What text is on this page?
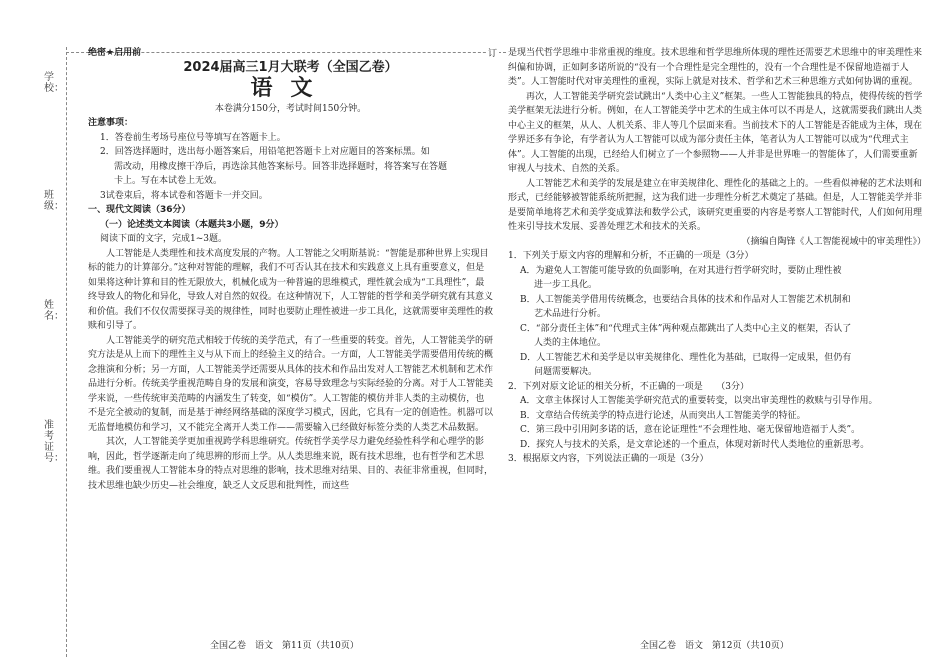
学校：
班级：
姓名：
准考证号：
订

绝密★启用前

2024届高三1月大联考（全国乙卷）
语文

本卷满分150分，考试时间150分钟。

注意事项：

1．答卷前生考场号座位号等填写在答题卡上。

2．回答选择题时，选出每小题答案后，用铅笔把答题卡上对应题目的答案标黑。如

需改动，用橡皮擦干净后，再选涂其他答案标号。回答非选择题时，将答案写在答题

卡上。写在本试卷上无效。

3试卷束后，将本试卷和答题卡一并交回。

一、现代文阅读（36分）

（一）论述类文本阅读（本题共3小题，9分）

阅读下面的文字，完成1~3题。

人工智能是人类理性和技术高度发展的产物。人工智能之父明斯基说：“智能是那种世界上实现目标的能力的计算部分。”这种对智能的理解，我们不可否认其在技术和实践意义上具有重要意义，但是如果将这种计算和目的性无限放大，机械化成为一种普遍的思维模式，理性就会成为“工具理性”，最终导致人的物化和异化，导致人对自然的奴役。在这种情况下，人工智能的哲学和美学研究就有其意义和价值。我们不仅仅需要探寻美的规律性，同时也要防止理性被进一步工具化，这就需要审美理性的救赎和引导了。

人工智能美学的研究范式相较于传统的美学范式，有了一些重要的转变。首先，人工智能美学的研究方法是从上而下的理性主义与从下而上的经验主义的结合。一方面，人工智能美学需要借用传统的概念推演和分析；另一方面，人工智能美学还需要从具体的技术和作品出发对人工智能艺术机制和艺术作品进行分析。传统美学重视范畴自身的发展和演变，容易导致理念与实际经验的分离。对于人工智能美学来说，一些传统审美范畴的内涵发生了转变，如“模仿”。人工智能的模仿并非人类的主动模仿，也不是完全被动的复制，而是基于神经网络基础的深度学习模式，因此，它具有一定的创造性。机器可以无监督地模仿和学习，又不能完全离开人类工作——需要输入已经做好标签分类的人类艺术品数据。

其次，人工智能美学更加重视跨学科思维研究。传统哲学美学尽力避免经验性科学和心理学的影响，因此，哲学逐渐走向了纯思辨的形而上学。从人类思维来说，既有技术思维，也有哲学和艺术思维。我们要重视人工智能本身的特点对思维的影响，技术思维对结果、目的、表征非常重视，但同时，技术思维也缺少历史—社会维度，缺乏人文反思和批判性，而这些

全国乙卷　语文　第11页（共10页）

是现当代哲学思维中非常重视的维度。技术思维和哲学思维所体现的理性还需要艺术思维中的审美理性来纠偏和协调，正如阿多诺所说的“没有一个合理性是完全理性的，没有一个合理性是不保留地造福于人类”。人工智能时代对审美理性的重视，实际上就是对技术、哲学和艺术三种思维方式如何协调的重视。

再次，人工智能美学研究尝试跳出“人类中心主义”框架。一些人工智能独具的特点，使得传统的哲学美学框架无法进行分析。例如，在人工智能美学中艺术的生成主体可以不再是人，这就需要我们跳出人类中心主义的框架，从人、人机关系、非人等几个层面来看。当前技术下的人工智能是否能成为主体，现在学界还多有争论，有学者认为人工智能可以成为部分责任主体，笔者认为人工智能可以成为“代理式主体”。人工智能的出现，已经给人们树立了一个参照物——人并非是世界唯一的智能体了，人们需要重新审视人与技术、自然的关系。

人工智能艺术和美学的发展是建立在审美规律化、理性化的基础之上的。一些看似神秘的艺术法则和形式，已经能够被智能系统所把握，这为我们进一步理性分析艺术奠定了基础。但是，人工智能美学并非是要简单地将艺术和美学变成算法和数学公式，该研究更重要的内容是考察人工智能时代，人们如何用理性来引导技术发展、妥善处理艺术和技术的关系。

（摘编自陶锋《人工智能视域中的审美理性》）

1．下列关于原文内容的理解和分析，不正确的一项是（3分）

A．为避免人工智能可能导致的负面影响，在对其进行哲学研究时，要防止理性被

进一步工具化。

B．人工智能美学借用传统概念，也要结合具体的技术和作品对人工智能艺术机制和

艺术品进行分析。

C．“部分责任主体”和“代理式主体”两种观点都跳出了人类中心主义的框架，否认了

人类的主体地位。

D．人工智能艺术和美学是以审美规律化、理性化为基础，已取得一定成果，但仍有

问题需要解决。

2．下列对原文论证的相关分析，不正确的一项是　　（3分）

A．文章主体探讨人工智能美学研究范式的重要转变，以突出审美理性的救赎与引导作用。

B．文章结合传统美学的特点进行论述，从而突出人工智能美学的特征。

C．第三段中引用阿多诺的话，意在论证理性“不会理性地、毫无保留地造福于人类”。

D．探究人与技术的关系，是文章论述的一个重点，体现对新时代人类地位的重新思考。

3．根据原文内容，下列说法正确的一项是（3分）

全国乙卷　语文　第12页（共10页）
